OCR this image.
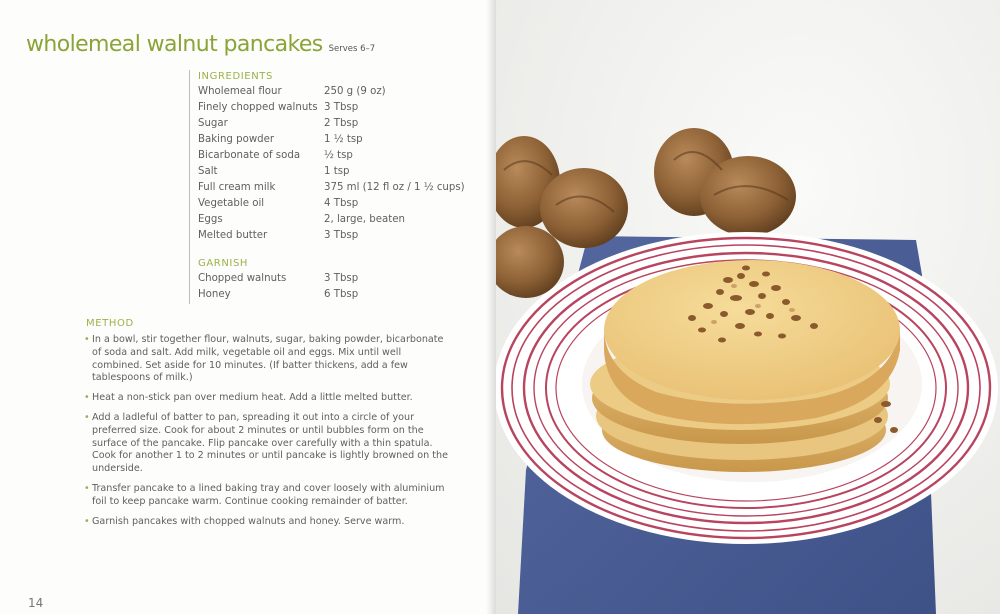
wholemeal walnut pancakes Serves 6–7
INGREDIENTS
Wholemeal flour	250 g (9 oz)
Finely chopped walnuts 3 Tbsp
Sugar	2 Tbsp
Baking powder	1 ½ tsp
Bicarbonate of soda ½ tsp
Salt	1 tsp
Full cream milk	375 ml (12 fl oz / 1 ½ cups)
Vegetable oil	4 Tbsp
Eggs	2, large, beaten
Melted butter	3 Tbsp
GARNISH
Chopped walnuts	3 Tbsp
Honey	6 Tbsp
METHOD
• In a bowl, stir together flour, walnuts, sugar, baking powder, bicarbonate of soda and salt. Add milk, vegetable oil and eggs. Mix until well combined. Set aside for 10 minutes. (If batter thickens, add a few tablespoons of milk.)
• Heat a non-stick pan over medium heat. Add a little melted butter.
• Add a ladleful of batter to pan, spreading it out into a circle of your preferred size. Cook for about 2 minutes or until bubbles form on the surface of the pancake. Flip pancake over carefully with a thin spatula. Cook for another 1 to 2 minutes or until pancake is lightly browned on the underside.
• Transfer pancake to a lined baking tray and cover loosely with aluminium foil to keep pancake warm. Continue cooking remainder of batter.
• Garnish pancakes with chopped walnuts and honey. Serve warm.
14
